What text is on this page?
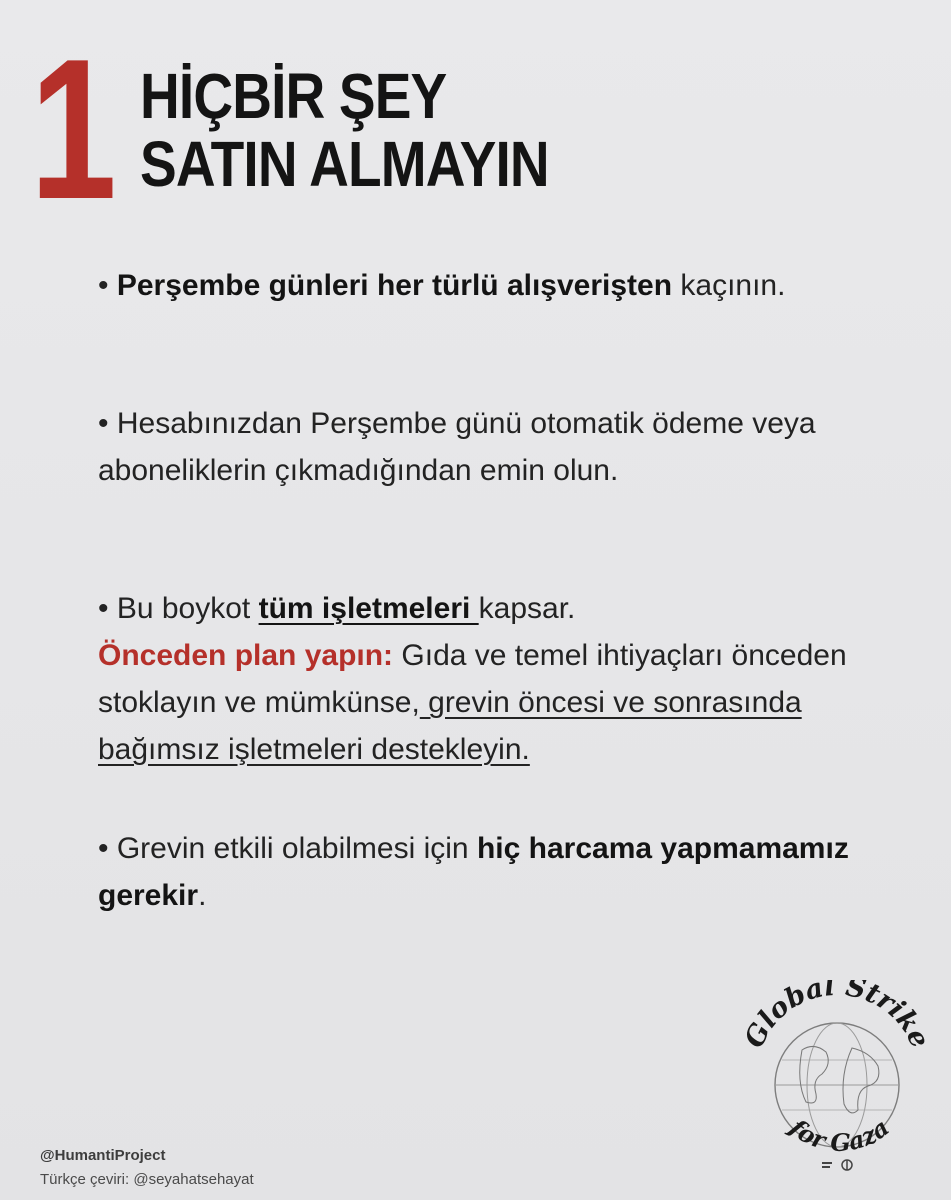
1 HİÇBİR ŞEY
SATIN ALMAYIN
• Perşembe günleri her türlü alışverişten kaçının.
• Hesabınızdan Perşembe günü otomatik ödeme veya aboneliklerin çıkmadığından emin olun.
• Bu boykot tüm işletmeleri kapsar.
Önceden plan yapın: Gıda ve temel ihtiyaçları önceden stoklayın ve mümkünse, grevin öncesi ve sonrasında bağımsız işletmeleri destekleyin.
• Grevin etkili olabilmesi için hiç harcama yapmamamız gerekir.
@HumantiProject
Türkçe çeviri: @seyahatsehayat
Global Strike
for Gaza
